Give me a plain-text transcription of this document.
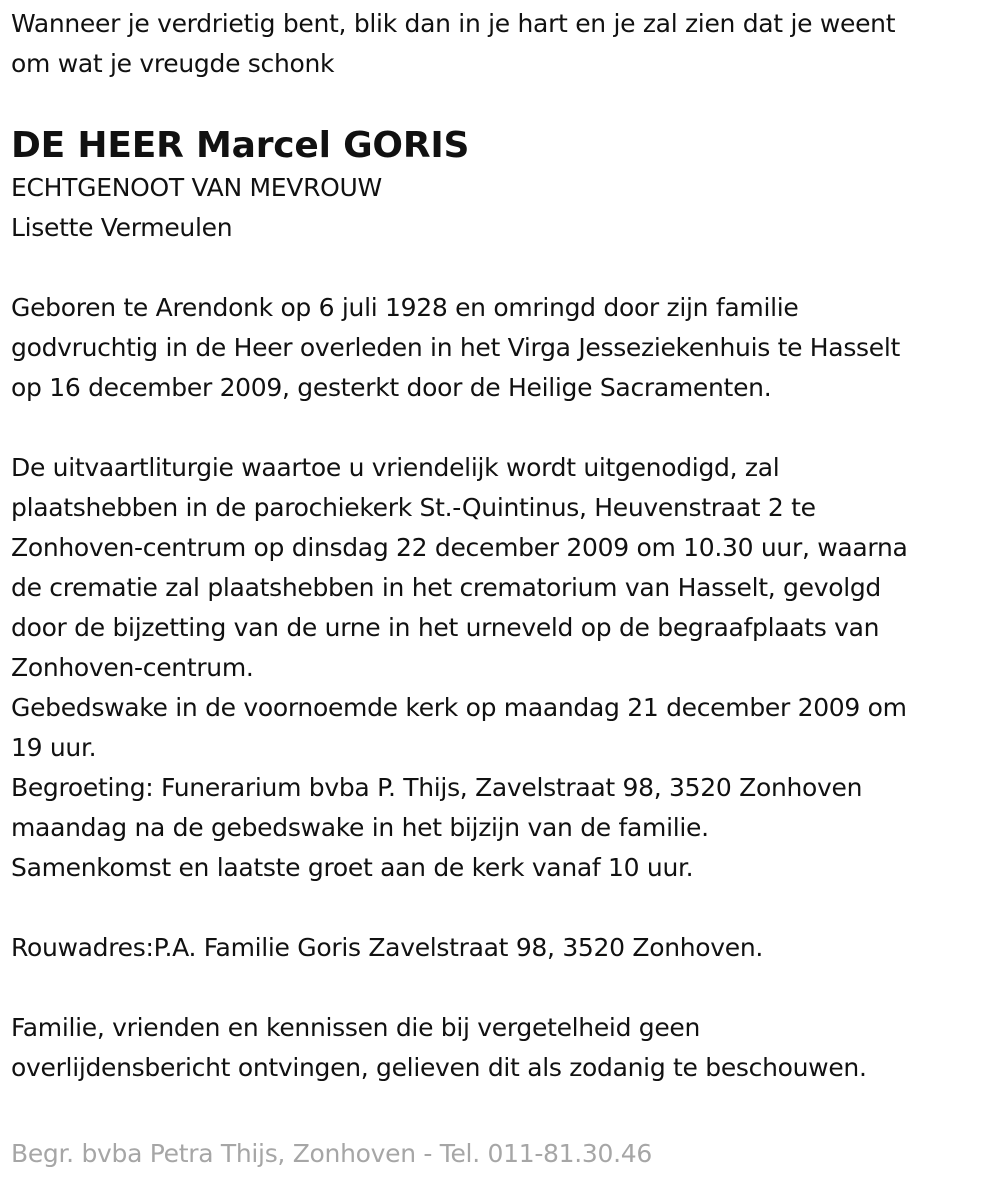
Wanneer je verdrietig bent, blik dan in je hart en je zal zien dat je weent
om wat je vreugde schonk
DE HEER Marcel GORIS
ECHTGENOOT VAN MEVROUW
Lisette Vermeulen
Geboren te Arendonk op 6 juli 1928 en omringd door zijn familie
godvruchtig in de Heer overleden in het Virga Jesseziekenhuis te Hasselt
op 16 december 2009, gesterkt door de Heilige Sacramenten.
De uitvaartliturgie waartoe u vriendelijk wordt uitgenodigd, zal
plaatshebben in de parochiekerk St.-Quintinus, Heuvenstraat 2 te
Zonhoven-centrum op dinsdag 22 december 2009 om 10.30 uur, waarna
de crematie zal plaatshebben in het crematorium van Hasselt, gevolgd
door de bijzetting van de urne in het urneveld op de begraafplaats van
Zonhoven-centrum.
Gebedswake in de voornoemde kerk op maandag 21 december 2009 om
19 uur.
Begroeting: Funerarium bvba P. Thijs, Zavelstraat 98, 3520 Zonhoven
maandag na de gebedswake in het bijzijn van de familie.
Samenkomst en laatste groet aan de kerk vanaf 10 uur.
Rouwadres:P.A. Familie Goris Zavelstraat 98, 3520 Zonhoven.
Familie, vrienden en kennissen die bij vergetelheid geen
overlijdensbericht ontvingen, gelieven dit als zodanig te beschouwen.
Begr. bvba Petra Thijs, Zonhoven - Tel. 011-81.30.46
